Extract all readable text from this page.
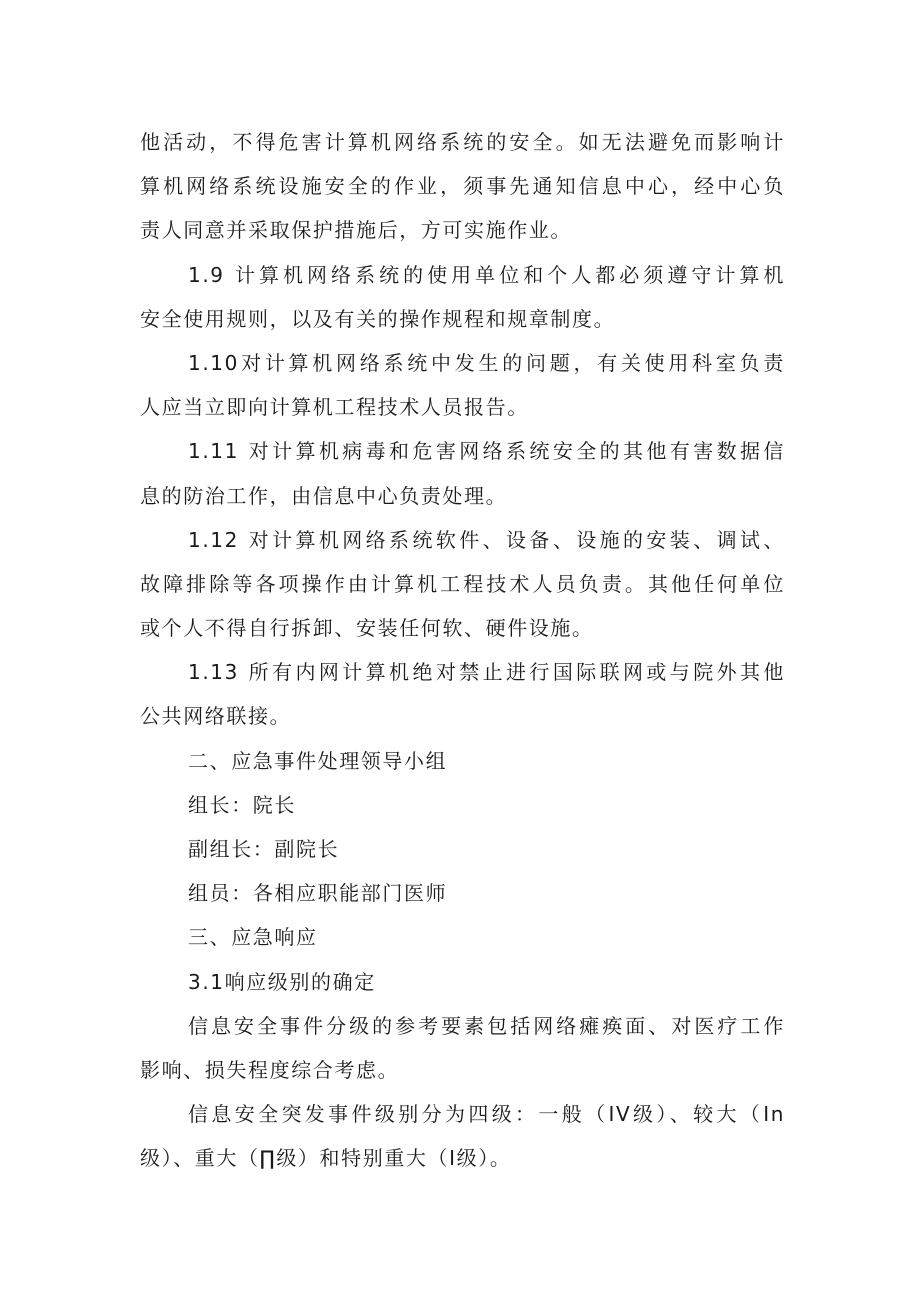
他活动，不得危害计算机网络系统的安全。如无法避免而影响计
算机网络系统设施安全的作业，须事先通知信息中心，经中心负
责人同意并采取保护措施后，方可实施作业。
1.9 计算机网络系统的使用单位和个人都必须遵守计算机
安全使用规则，以及有关的操作规程和规章制度。
1.10对计算机网络系统中发生的问题，有关使用科室负责
人应当立即向计算机工程技术人员报告。
1.11 对计算机病毒和危害网络系统安全的其他有害数据信
息的防治工作，由信息中心负责处理。
1.12 对计算机网络系统软件、设备、设施的安装、调试、
故障排除等各项操作由计算机工程技术人员负责。其他任何单位
或个人不得自行拆卸、安装任何软、硬件设施。
1.13 所有内网计算机绝对禁止进行国际联网或与院外其他
公共网络联接。
二、应急事件处理领导小组
组长：院长
副组长：副院长
组员：各相应职能部门医师
三、应急响应
3.1响应级别的确定
信息安全事件分级的参考要素包括网络瘫痪面、对医疗工作
影响、损失程度综合考虑。
信息安全突发事件级别分为四级：一般（IV级）、较大（In
级）、重大（∏级）和特别重大（I级）。
